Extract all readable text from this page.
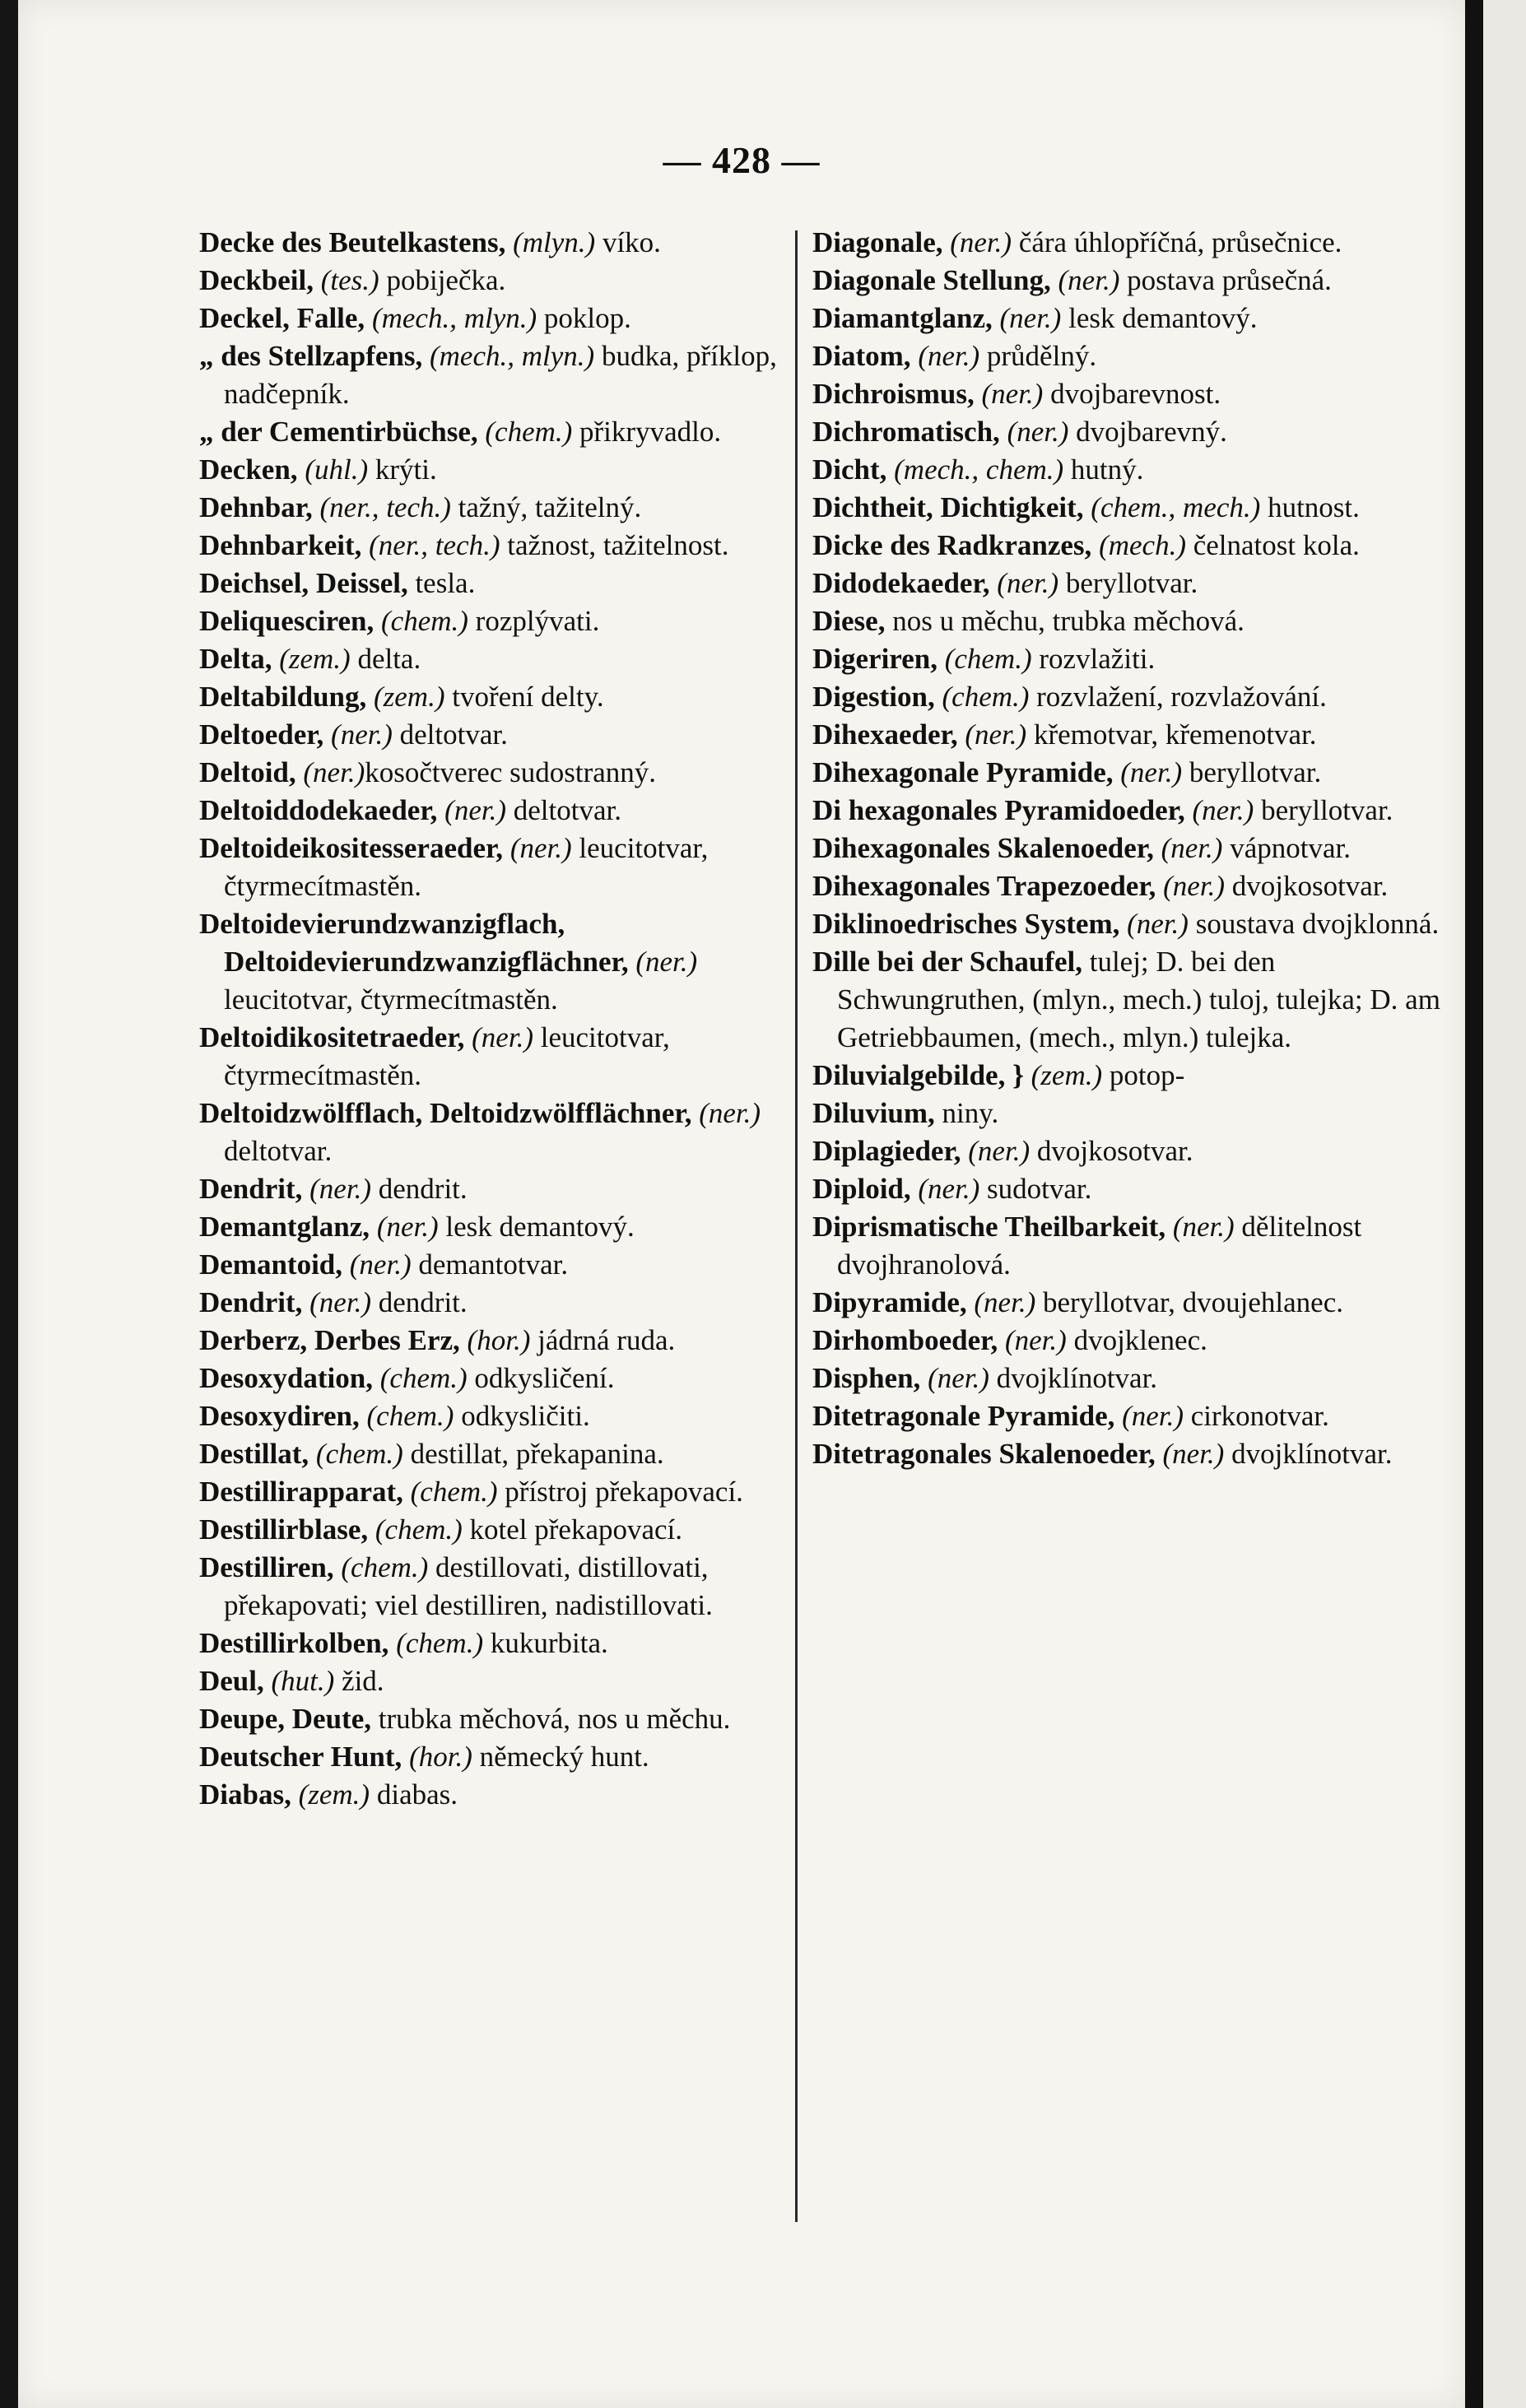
— 428 —

Decke des Beutelkastens, (mlyn.) víko.

Deckbeil, (tes.) pobiječka.

Deckel, Falle, (mech., mlyn.) poklop.

„ des Stellzapfens, (mech., mlyn.) budka, příklop, nadčepník.

„ der Cementirbüchse, (chem.) přikryvadlo.

Decken, (uhl.) krýti.

Dehnbar, (ner., tech.) tažný, tažitelný.

Dehnbarkeit, (ner., tech.) tažnost, tažitelnost.

Deichsel, Deissel, tesla.

Deliquesciren, (chem.) rozplývati.

Delta, (zem.) delta.

Deltabildung, (zem.) tvoření delty.

Deltoeder, (ner.) deltotvar.

Deltoid, (ner.)kosočtverec sudostranný.

Deltoiddodekaeder, (ner.) deltotvar.

Deltoideikositesseraeder, (ner.) leucitotvar, čtyrmecítmastěn.

Deltoidevierundzwanzigflach, Deltoidevierundzwanzigflächner, (ner.) leucitotvar, čtyrmecítmastěn.

Deltoidikositetraeder, (ner.) leucitotvar, čtyrmecítmastěn.

Deltoidzwölfflach, Deltoidzwölfflächner, (ner.) deltotvar.

Dendrit, (ner.) dendrit.

Demantglanz, (ner.) lesk demantový.

Demantoid, (ner.) demantotvar.

Dendrit, (ner.) dendrit.

Derberz, Derbes Erz, (hor.) jádrná ruda.

Desoxydation, (chem.) odkysličení.

Desoxydiren, (chem.) odkysličiti.

Destillat, (chem.) destillat, překapanina.

Destillirapparat, (chem.) přístroj překapovací.

Destillirblase, (chem.) kotel překapovací.

Destilliren, (chem.) destillovati, distillovati, překapovati; viel destilliren, nadistillovati.

Destillirkolben, (chem.) kukurbita.

Deul, (hut.) žid.

Deupe, Deute, trubka měchová, nos u měchu.

Deutscher Hunt, (hor.) německý hunt.

Diabas, (zem.) diabas.

Diagonale, (ner.) čára úhlopříčná, průsečnice.

Diagonale Stellung, (ner.) postava průsečná.

Diamantglanz, (ner.) lesk demantový.

Diatom, (ner.) průdělný.

Dichroismus, (ner.) dvojbarevnost.

Dichromatisch, (ner.) dvojbarevný.

Dicht, (mech., chem.) hutný.

Dichtheit, Dichtigkeit, (chem., mech.) hutnost.

Dicke des Radkranzes, (mech.) čelnatost kola.

Didodekaeder, (ner.) beryllotvar.

Diese, nos u měchu, trubka měchová.

Digeriren, (chem.) rozvlažiti.

Digestion, (chem.) rozvlažení, rozvlažování.

Dihexaeder, (ner.) křemotvar, křemenotvar.

Dihexagonale Pyramide, (ner.) beryllotvar.

Di hexagonales Pyramidoeder, (ner.) beryllotvar.

Dihexagonales Skalenoeder, (ner.) vápnotvar.

Dihexagonales Trapezoeder, (ner.) dvojkosotvar.

Diklinoedrisches System, (ner.) soustava dvojklonná.

Dille bei der Schaufel, tulej; D. bei den Schwungruthen, (mlyn., mech.) tuloj, tulejka; D. am Getriebbaumen, (mech., mlyn.) tulejka.

Diluvialgebilde, } (zem.) potop-

Diluvium, niny.

Diplagieder, (ner.) dvojkosotvar.

Diploid, (ner.) sudotvar.

Diprismatische Theilbarkeit, (ner.) dělitelnost dvojhranolová.

Dipyramide, (ner.) beryllotvar, dvoujehlanec.

Dirhomboeder, (ner.) dvojklenec.

Disphen, (ner.) dvojklínotvar.

Ditetragonale Pyramide, (ner.) cirkonotvar.

Ditetragonales Skalenoeder, (ner.) dvojklínotvar.
